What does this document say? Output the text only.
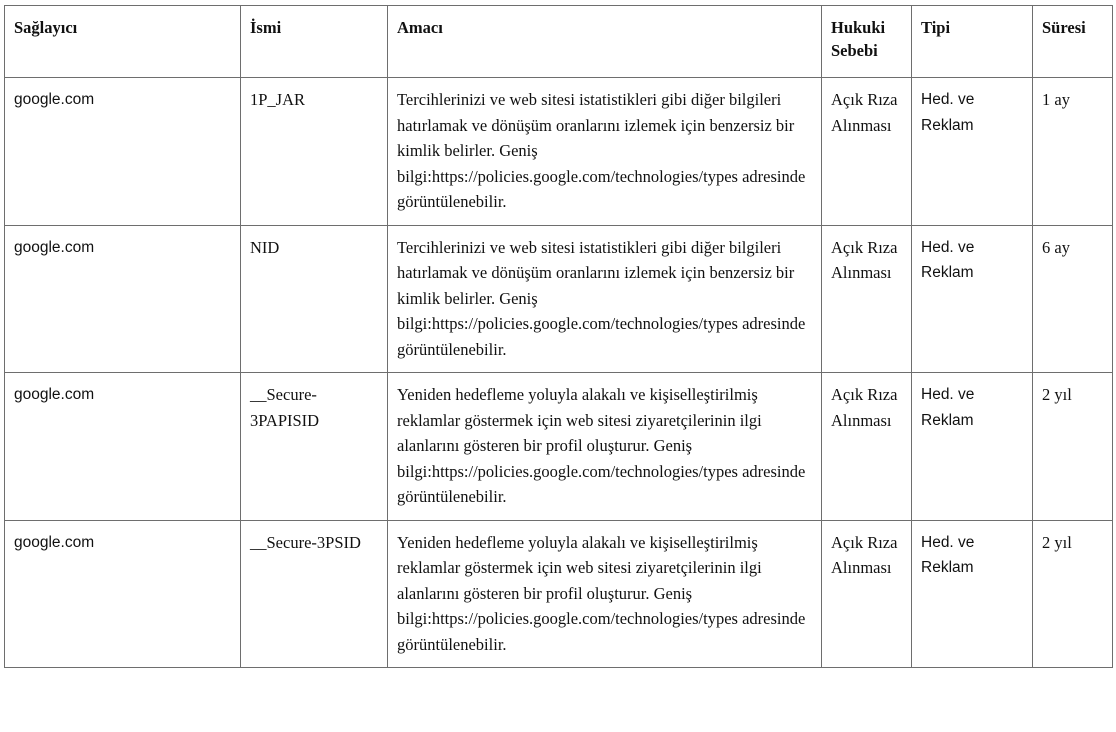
Sağlayıcı	İsmi	Amacı	Hukuki Sebebi	Tipi	Süresi
google.com	1P_JAR	Tercihlerinizi ve web sitesi istatistikleri gibi diğer bilgileri hatırlamak ve dönüşüm oranlarını izlemek için benzersiz bir kimlik belirler. Geniş bilgi:https://policies.google.com/technologies/types adresinde görüntülenebilir.	Açık Rıza Alınması	Hed. ve Reklam	1 ay
google.com	NID	Tercihlerinizi ve web sitesi istatistikleri gibi diğer bilgileri hatırlamak ve dönüşüm oranlarını izlemek için benzersiz bir kimlik belirler. Geniş bilgi:https://policies.google.com/technologies/types adresinde görüntülenebilir.	Açık Rıza Alınması	Hed. ve Reklam	6 ay
google.com	__Secure-3PAPISID	Yeniden hedefleme yoluyla alakalı ve kişiselleştirilmiş reklamlar göstermek için web sitesi ziyaretçilerinin ilgi alanlarını gösteren bir profil oluşturur. Geniş bilgi:https://policies.google.com/technologies/types adresinde görüntülenebilir.	Açık Rıza Alınması	Hed. ve Reklam	2 yıl
google.com	__Secure-3PSID	Yeniden hedefleme yoluyla alakalı ve kişiselleştirilmiş reklamlar göstermek için web sitesi ziyaretçilerinin ilgi alanlarını gösteren bir profil oluşturur. Geniş bilgi:https://policies.google.com/technologies/types adresinde görüntülenebilir.	Açık Rıza Alınması	Hed. ve Reklam	2 yıl
